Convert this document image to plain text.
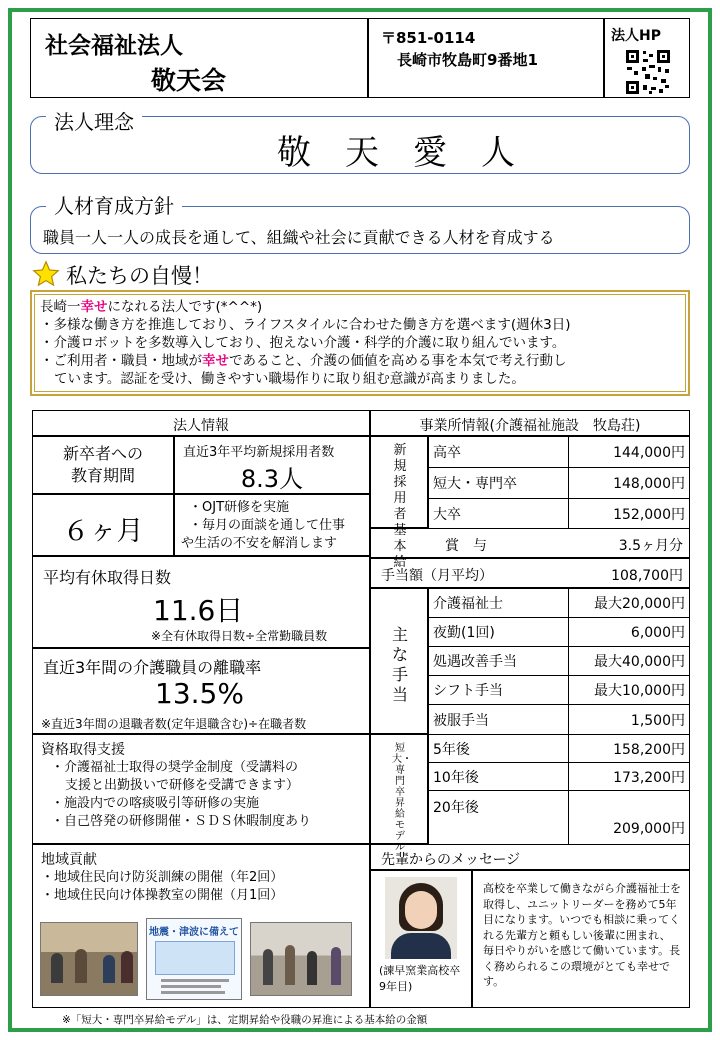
社会福祉法人
敬天会
〒851-0114
長崎市牧島町9番地1
法人HP
敬　天　愛　人
法人理念
職員一人一人の成長を通して、組織や社会に貢献できる人材を育成する
人材育成方針
私たちの自慢！
長崎一幸せになれる法人です(*^^*)
・多様な働き方を推進しており、ライフスタイルに合わせた働き方を選べます(週休3日)
・介護ロボットを多数導入しており、抱えない介護・科学的介護に取り組んでいます。
・ご利用者・職員・地域が幸せであること、介護の価値を高める事を本気で考え行動し
ています。認証を受け、働きやすい職場作りに取り組む意識が高まりました。
法人情報
新卒者への
教育期間
直近3年平均新規採用者数
8.3人
６ヶ月
・OJT研修を実施
・毎月の面談を通して仕事
や生活の不安を解消します
平均有休取得日数
11.6日
※全有休取得日数÷全常勤職員数
直近3年間の介護職員の離職率
13.5%
※直近3年間の退職者数(定年退職含む)÷在職者数
資格取得支援
・介護福祉士取得の奨学金制度（受講料の
支援と出勤扱いで研修を受講できます）
・施設内での喀痰吸引等研修の実施
・自己啓発の研修開催・ＳＤＳ休暇制度あり
地域貢献
・地域住民向け防災訓練の開催（年2回）
・地域住民向け体操教室の開催（月1回）
地震・津波に備えて
事業所情報(介護福祉施設　牧島荘)
新規採用者基本給
高卒	144,000円
短大・専門卒	148,000円
大卒	152,000円
賞　与	3.5ヶ月分
手当額（月平均）	108,700円
主な手当
介護福祉士	最大20,000円
夜勤(1回)	6,000円
処遇改善手当	最大40,000円
シフト手当	最大10,000円
被服手当	1,500円
短大・専門卒昇給モデル
5年後	158,200円
10年後	173,200円
20年後	209,000円
先輩からのメッセージ
(諫早窯業高校卒　9年目)
高校を卒業して働きながら介護福祉士を取得し、ユニットリーダーを務めて5年目になります。いつでも相談に乗ってくれる先輩方と頼もしい後輩に囲まれ、毎日やりがいを感じて働いています。長く務められるこの環境がとても幸せです。
※「短大・専門卒昇給モデル」は、定期昇給や役職の昇進による基本給の金額
